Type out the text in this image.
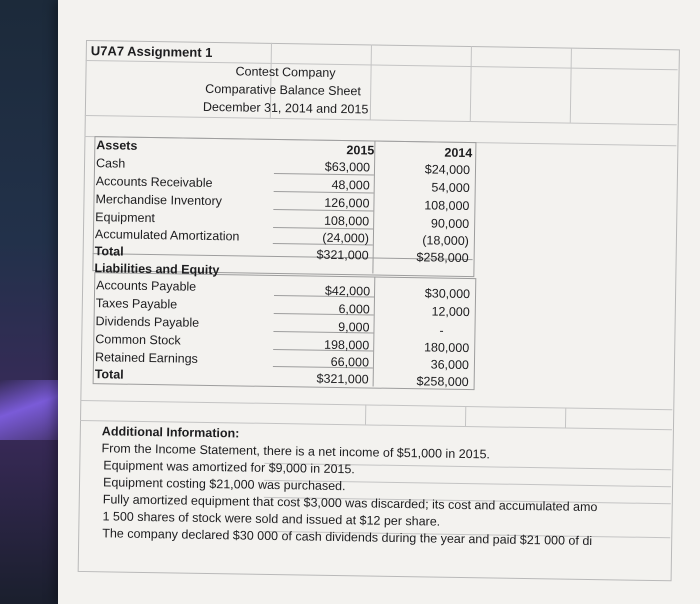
U7A7 Assignment 1
Contest Company
Comparative Balance Sheet
December 31, 2014 and 2015
Assets	2015	2014
Cash	$63,000	$24,000
Accounts Receivable	48,000	54,000
Merchandise Inventory	126,000	108,000
Equipment	108,000	90,000
Accumulated Amortization	(24,000)	(18,000)
Total	$321,000	$258,000
Liabilities and Equity
Accounts Payable	$42,000	$30,000
Taxes Payable	6,000	12,000
Dividends Payable	9,000	-
Common Stock	198,000	180,000
Retained Earnings	66,000	36,000
Total	$321,000	$258,000
Additional Information:
From the Income Statement, there is a net income of $51,000 in 2015.
Equipment was amortized for $9,000 in 2015.
Equipment costing $21,000 was purchased.
Fully amortized equipment that cost $3,000 was discarded; its cost and accumulated amo
1 500 shares of stock were sold and issued at $12 per share.
The company declared $30 000 of cash dividends during the year and paid $21 000 of di
